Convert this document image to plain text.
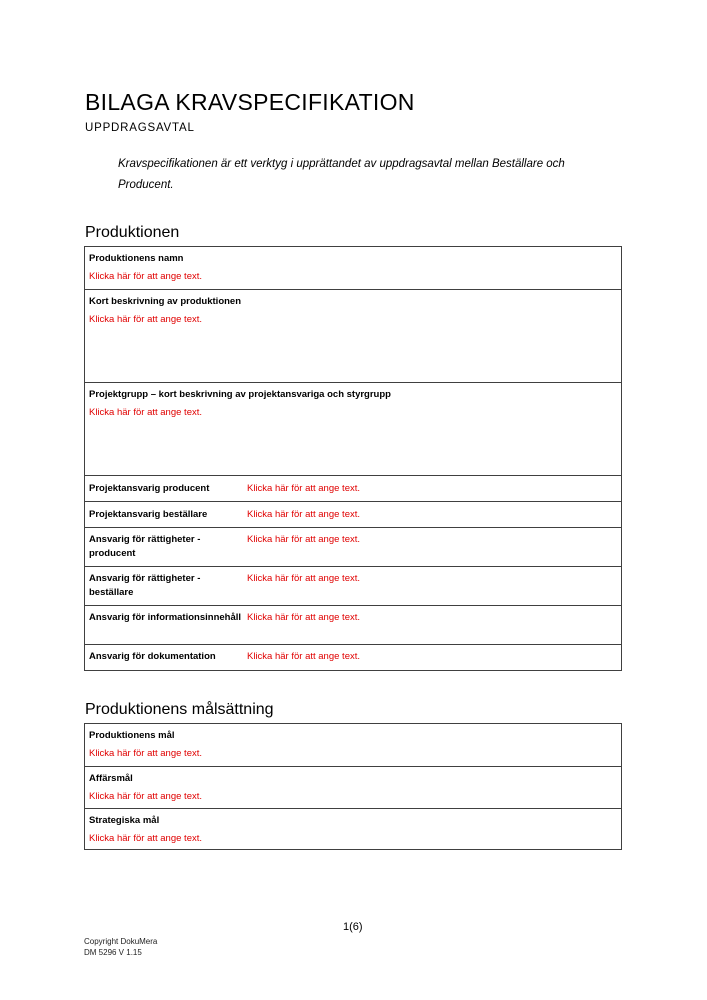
BILAGA KRAVSPECIFIKATION
UPPDRAGSAVTAL

Kravspecifikationen är ett verktyg i upprättandet av uppdragsavtal mellan Beställare och Producent.

Produktionen
Produktionens namn
Klicka här för att ange text.
Kort beskrivning av produktionen
Klicka här för att ange text.
Projektgrupp – kort beskrivning av projektansvariga och styrgrupp
Klicka här för att ange text.
Projektansvarig producent	Klicka här för att ange text.
Projektansvarig beställare	Klicka här för att ange text.
Ansvarig för rättigheter - producent
Klicka här för att ange text.
Ansvarig för rättigheter - beställare
Klicka här för att ange text.
Ansvarig för informationsinnehåll Klicka här för att ange text.
Ansvarig för dokumentation	Klicka här för att ange text.
Produktionens målsättning
Produktionens mål
Klicka här för att ange text.
Affärsmål
Klicka här för att ange text.
Strategiska mål
Klicka här för att ange text.
1(6)
Copyright DokuMera
DM 5296 V 1.15
